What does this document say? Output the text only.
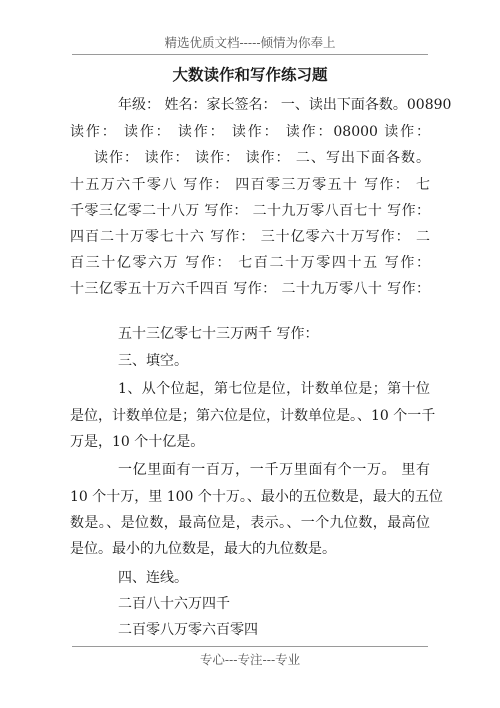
精选优质文档-----倾情为你奉上
大数读作和写作练习题
年级： 姓名：家长签名： 一、读出下面各数。00890
读作： 读作： 读作： 读作： 读作：08000 读作：
读作： 读作： 读作： 读作： 二、写出下面各数。
十五万六千零八 写作： 四百零三万零五十 写作： 七
千零三亿零二十八万 写作： 二十九万零八百七十 写作：
四百二十万零七十六 写作： 三十亿零六十万写作： 二
百三十亿零六万 写作： 七百二十万零四十五 写作：
十三亿零五十万六千四百 写作： 二十九万零八十 写作：
五十三亿零七十三万两千 写作：
三、填空。
1、从个位起，第七位是位，计数单位是；第十位
是位，计数单位是；第六位是位，计数单位是。、10 个一千
万是，10 个十亿是。
一亿里面有一百万，一千万里面有个一万。 里有
10 个十万，里 100 个十万。、最小的五位数是，最大的五位
数是。、是位数，最高位是，表示。、一个九位数，最高位
是位。最小的九位数是，最大的九位数是。
四、连线。
二百八十六万四千
二百零八万零六百零四
专心---专注---专业
